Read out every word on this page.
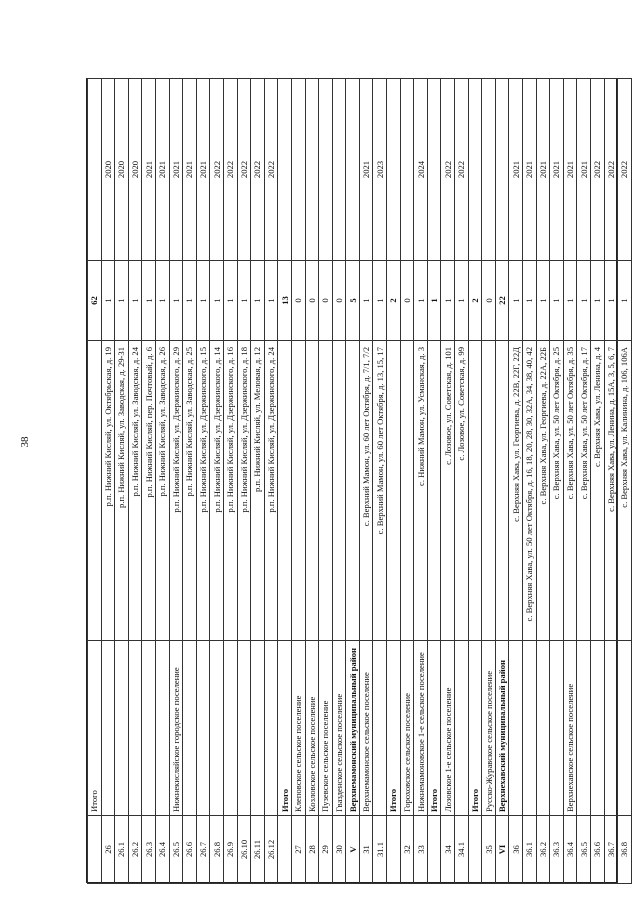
38
	Итого		62	
26		р.п. Нижний Кисляй, ул. Октябрьская, д. 19	1	2020
26.1		р.п. Нижний Кисляй, ул. Заводская, д. 29-31	1	2020
26.2		р.п. Нижний Кисляй, ул. Заводская, д. 24	1	2020
26.3		р.п. Нижний Кисляй, пер. Почтовый, д. 6	1	2021
26.4		р.п. Нижний Кисляй, ул. Заводская, д. 26	1	2021
26.5	Нижнекисляйское городское поселение	р.п. Нижний Кисляй, ул. Дзержинского, д. 29	1	2021
26.6		р.п. Нижний Кисляй, ул. Заводская, д. 25	1	2021
26.7		р.п. Нижний Кисляй, ул. Дзержинского, д. 15	1	2021
26.8		р.п. Нижний Кисляй, ул. Дзержинского, д. 14	1	2022
26.9		р.п. Нижний Кисляй, ул. Дзержинского, д. 16	1	2022
26.10		р.п. Нижний Кисляй, ул. Дзержинского, д. 18	1	2022
26.11		р.п. Нижний Кисляй, ул. Меловая, д. 12	1	2022
26.12		р.п. Нижний Кисляй, ул. Дзержинского, д. 24	1	2022
	Итого		13	
27	Клеповское сельское поселение		0	
28	Козловское сельское поселение		0	
29	Пузевское сельское поселение		0	
30	Гвазденское сельское поселение		0	
V	Верхнемамонский муниципальный район		5	
31	Верхнемамонское сельское поселение	с. Верхний Мамон, ул. 60 лет Октября, д. 7/1, 7/2	1	2021
31.1		с. Верхний Мамон, ул. 60 лет Октября, д. 13, 15, 17	1	2023
	Итого		2	
32	Гороховское сельское поселение		0	
33	Нижнемамоновское 1-е сельское поселение	с. Нижний Мамон, ул. Усманская, д. 3	1	2024
	Итого		1	
34	Лозовское 1-е сельское поселение	с. Лозовое, ул. Советская, д. 101	1	2022
34.1		с. Лозовое, ул. Советская, д. 99	1	2022
	Итого		2	
35	Русско-Журавское сельское поселение		0	
VI	Верхнехавский муниципальный район		22	
36		с. Верхняя Хава, ул. Георгиева, д. 22В, 22Г, 22Д	1	2021
36.1		с. Верхняя Хава, ул. 50 лет Октября, д. 16, 18, 20, 28, 30, 32А, 34, 38, 40, 42	1	2021
36.2		с. Верхняя Хава, ул. Георгиева, д. 22А, 22Б	1	2021
36.3		с. Верхняя Хава, ул. 50 лет Октября, д. 25	1	2021
36.4	Верхнехавское сельское поселение	с. Верхняя Хава, ул. 50 лет Октября, д. 35	1	2021
36.5		с. Верхняя Хава, ул. 50 лет Октября, д. 17	1	2021
36.6		с. Верхняя Хава, ул. Ленина, д. 4	1	2022
36.7		с. Верхняя Хава, ул. Ленина, д. 15А, 3, 5, 6, 7	1	2022
36.8		с. Верхняя Хава, ул. Калинина, д. 106, 106А	1	2022
